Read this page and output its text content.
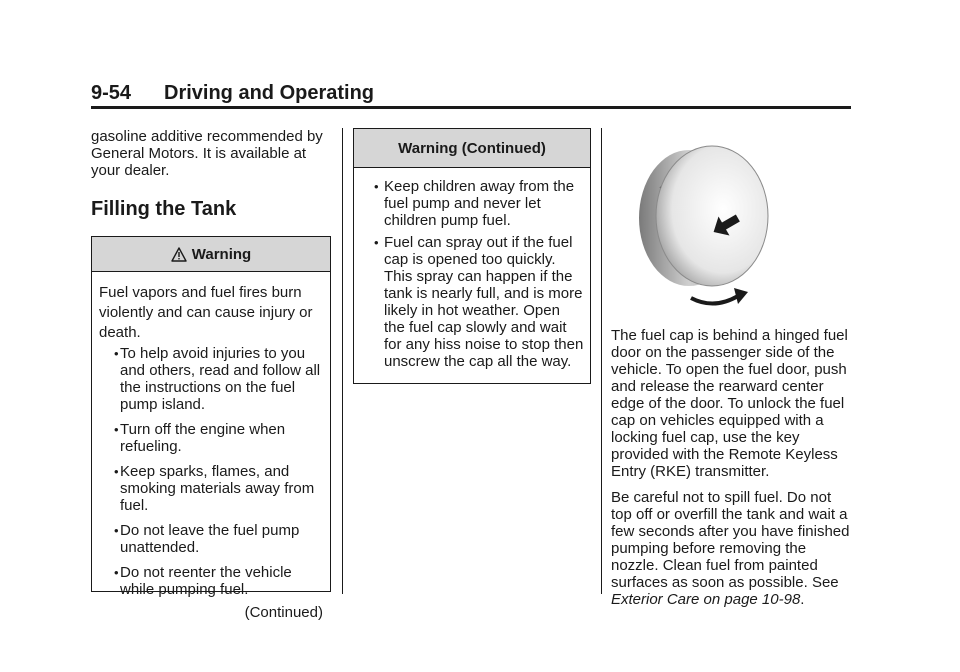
9-54 Driving and Operating

gasoline additive recommended by General Motors. It is available at your dealer.

Filling the Tank
Warning

Fuel vapors and fuel fires burn violently and can cause injury or death.

• To help avoid injuries to you and others, read and follow all the instructions on the fuel pump island.
• Turn off the engine when refueling.
• Keep sparks, flames, and smoking materials away from fuel.
• Do not leave the fuel pump unattended.
• Do not reenter the vehicle while pumping fuel.

(Continued)

Warning (Continued)
• Keep children away from the fuel pump and never let children pump fuel.
• Fuel can spray out if the fuel cap is opened too quickly. This spray can happen if the tank is nearly full, and is more likely in hot weather. Open the fuel cap slowly and wait for any hiss noise to stop then unscrew the cap all the way.

The fuel cap is behind a hinged fuel door on the passenger side of the vehicle. To open the fuel door, push and release the rearward center edge of the door. To unlock the fuel cap on vehicles equipped with a locking fuel cap, use the key provided with the Remote Keyless Entry (RKE) transmitter.

Be careful not to spill fuel. Do not top off or overfill the tank and wait a few seconds after you have finished pumping before removing the nozzle. Clean fuel from painted surfaces as soon as possible. See Exterior Care on page 10-98.
